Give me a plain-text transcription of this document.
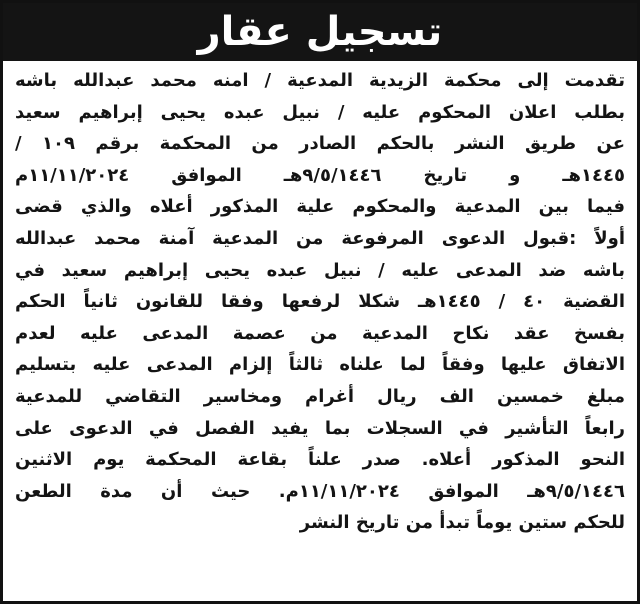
تسجيل عقار
تقدمت إلى محكمة الزيدية المدعية / امنه محمد عبدالله باشه
بطلب اعلان المحكوم عليه / نبيل عبده يحيى إبراهيم سعيد
عن طريق النشر بالحكم الصادر من المحكمة برقم ١٠٩ /
١٤٤٥هـ و تاريخ ٩/٥/١٤٤٦هـ الموافق ١١/١١/٢٠٢٤م
فيما بين المدعية والمحكوم علية المذكور أعلاه والذي قضى
أولاً :قبول الدعوى المرفوعة من المدعية آمنة محمد عبدالله
باشه ضد المدعى عليه / نبيل عبده يحيى إبراهيم سعيد في
القضية ٤٠ / ١٤٤٥هـ شكلا لرفعها وفقا للقانون ثانياً الحكم
بفسخ عقد نكاح المدعية من عصمة المدعى عليه لعدم
الاتفاق عليها وفقاً لما علناه ثالثاً إلزام المدعى عليه بتسليم
مبلغ خمسين الف ريال أغرام ومخاسير التقاضي للمدعية
رابعاً التأشير في السجلات بما يفيد الفصل في الدعوى على
النحو المذكور أعلاه. صدر علناً بقاعة المحكمة يوم الاثنين
٩/٥/١٤٤٦هـ الموافق ١١/١١/٢٠٢٤م. حيث أن مدة الطعن
للحكم ستين يوماً تبدأ من تاريخ النشر
